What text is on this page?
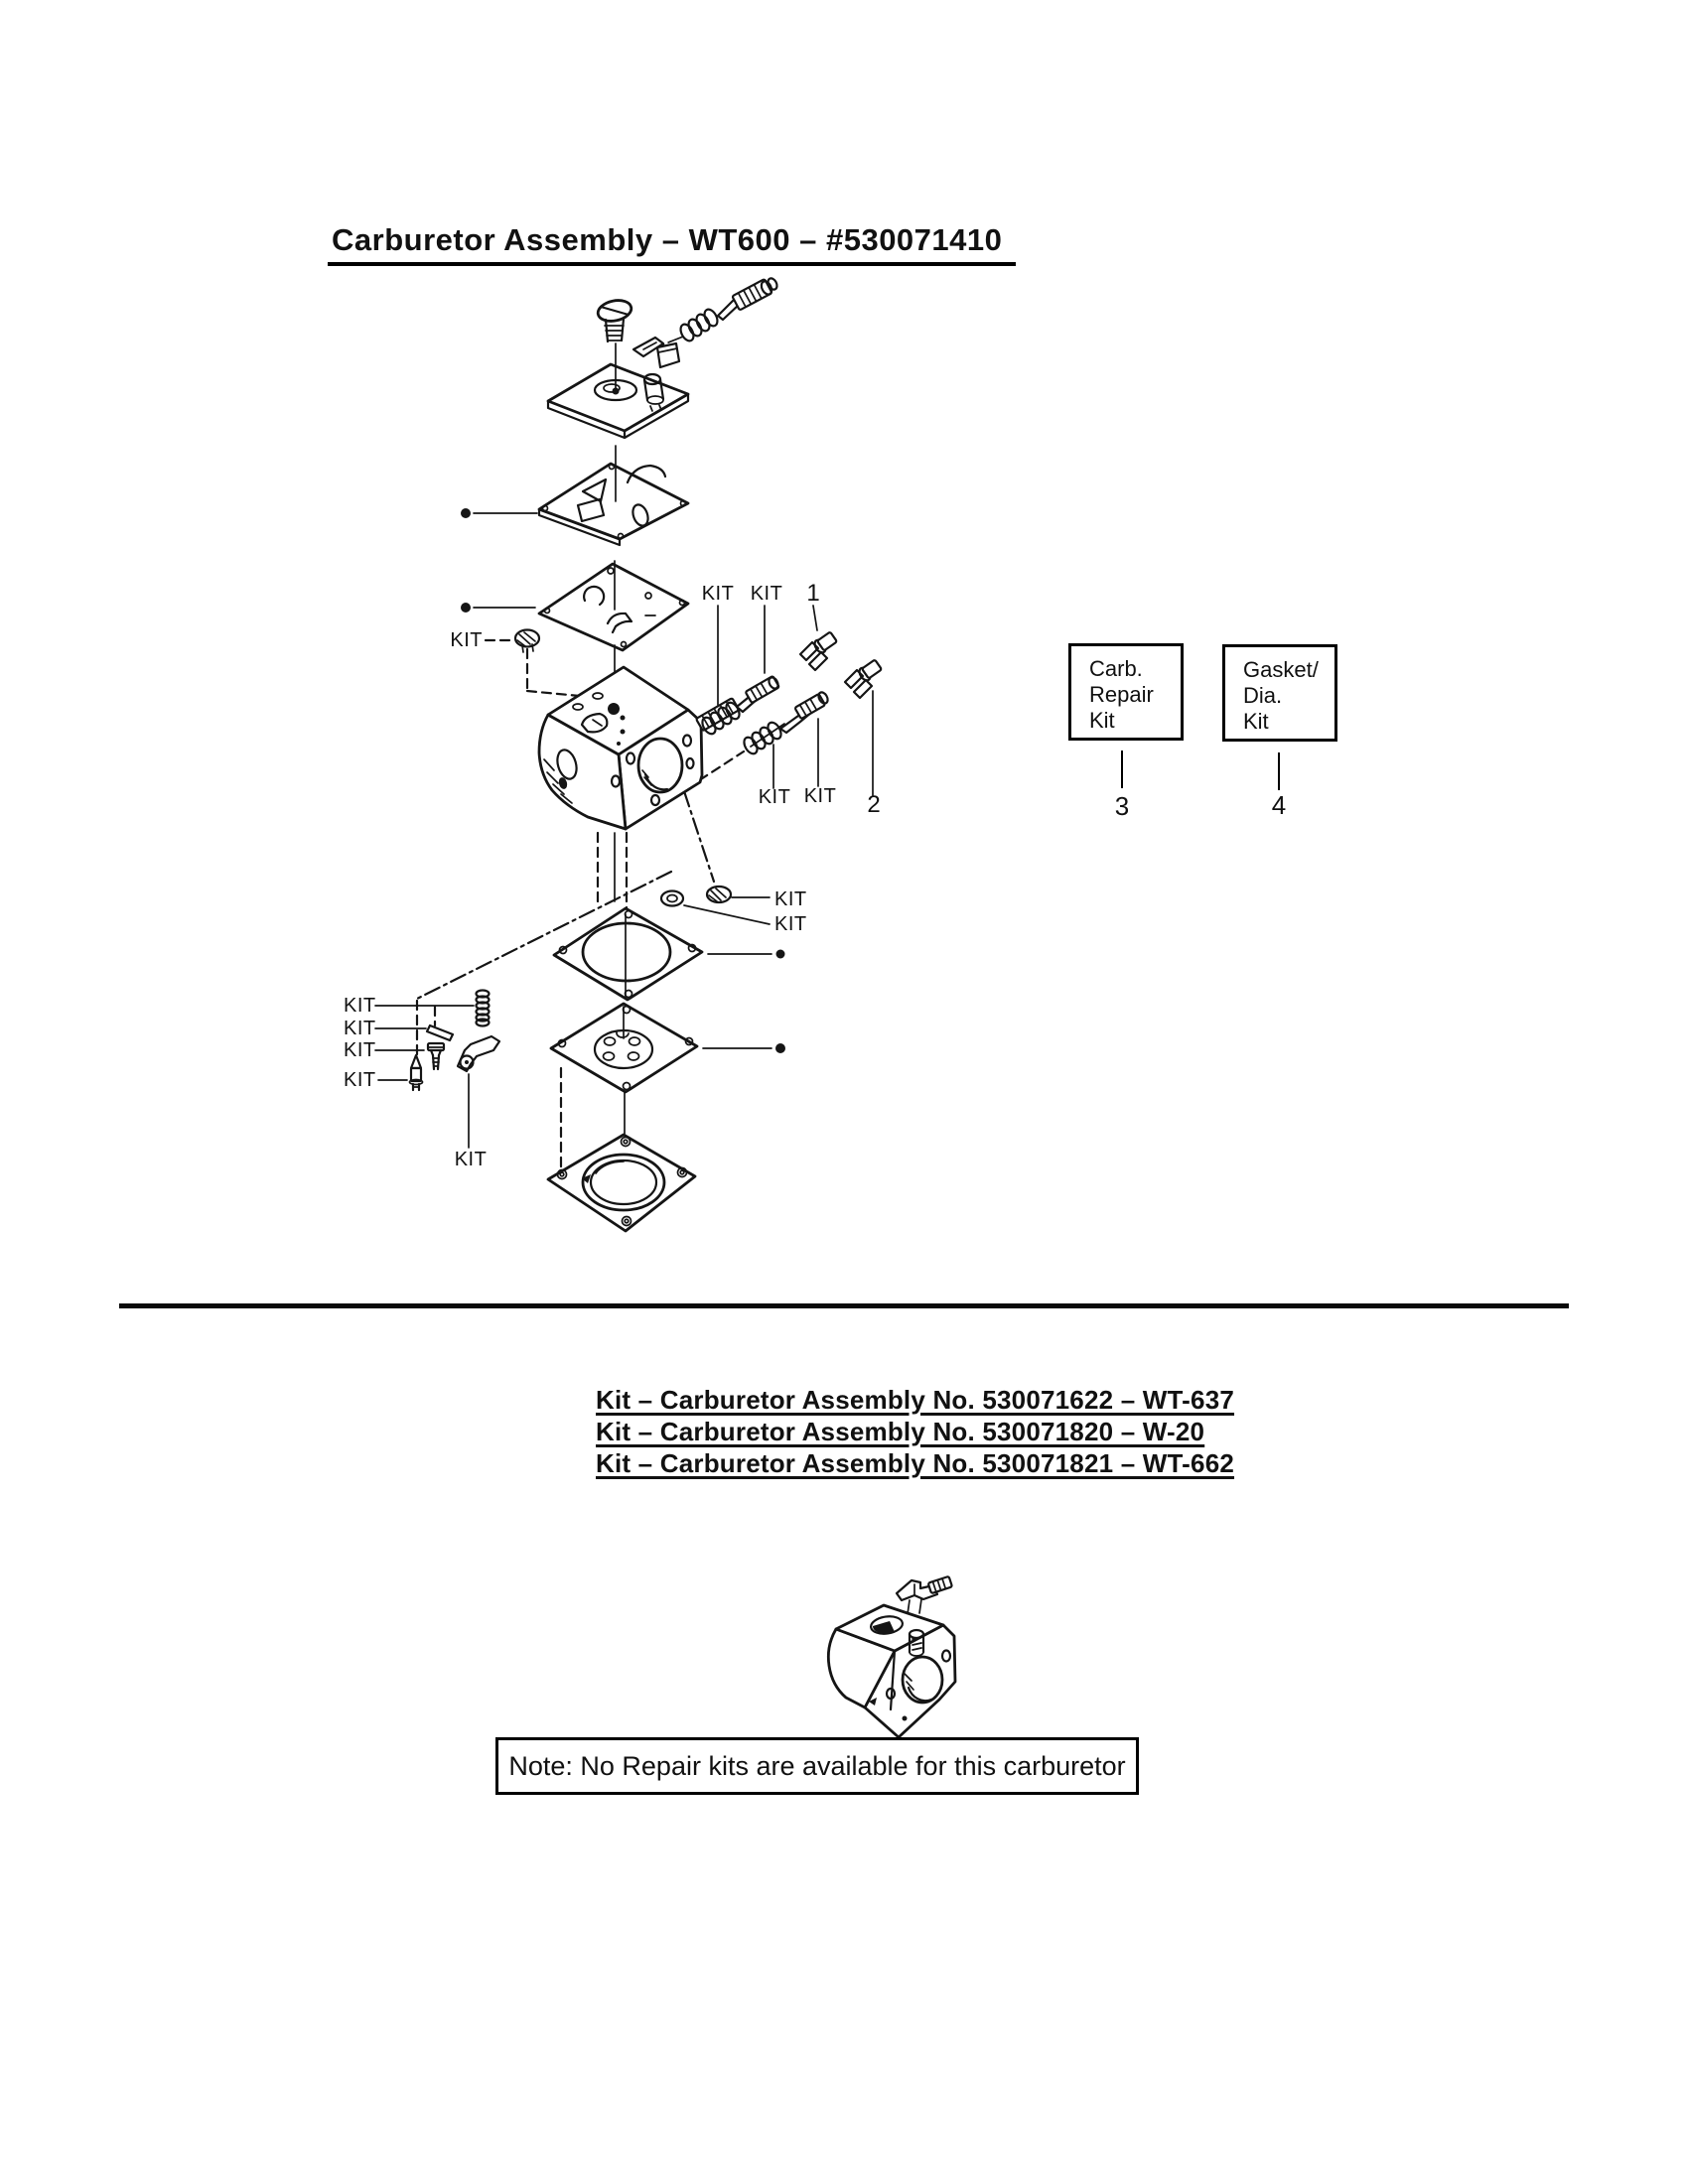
Carburetor Assembly – WT600 – #530071410
KIT
KIT KIT 1
KIT KIT 2
KIT
KIT
KIT
KIT
KIT
KIT
KIT
Carb.
Repair
Kit
Gasket/
Dia.
Kit
3	4
Kit – Carburetor Assembly No. 530071622 – WT-637
Kit – Carburetor Assembly No. 530071820 – W-20
Kit – Carburetor Assembly No. 530071821 – WT-662
Note: No Repair kits are available for this carburetor
